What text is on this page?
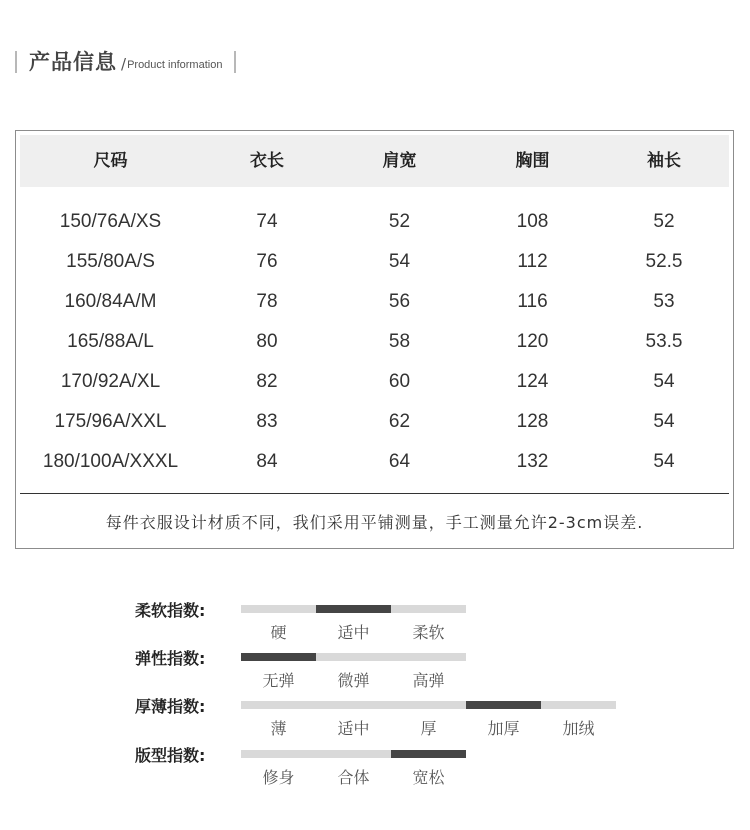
产品信息 / Product information
尺码	衣长	肩宽	胸围	袖长
150/76A/XS	74	52	108	52
155/80A/S	76	54	112	52.5
160/84A/M	78	56	116	53
165/88A/L	80	58	120	53.5
170/92A/XL	82	60	124	54
175/96A/XXL	83	62	128	54
180/100A/XXXL	84	64	132	54
每件衣服设计材质不同，我们采用平铺测量，手工测量允许2-3cm误差.
柔软指数:
硬	适中	柔软
弹性指数:
无弹	微弹	高弹
厚薄指数:
薄	适中	厚	加厚	加绒
版型指数:
修身	合体	宽松
